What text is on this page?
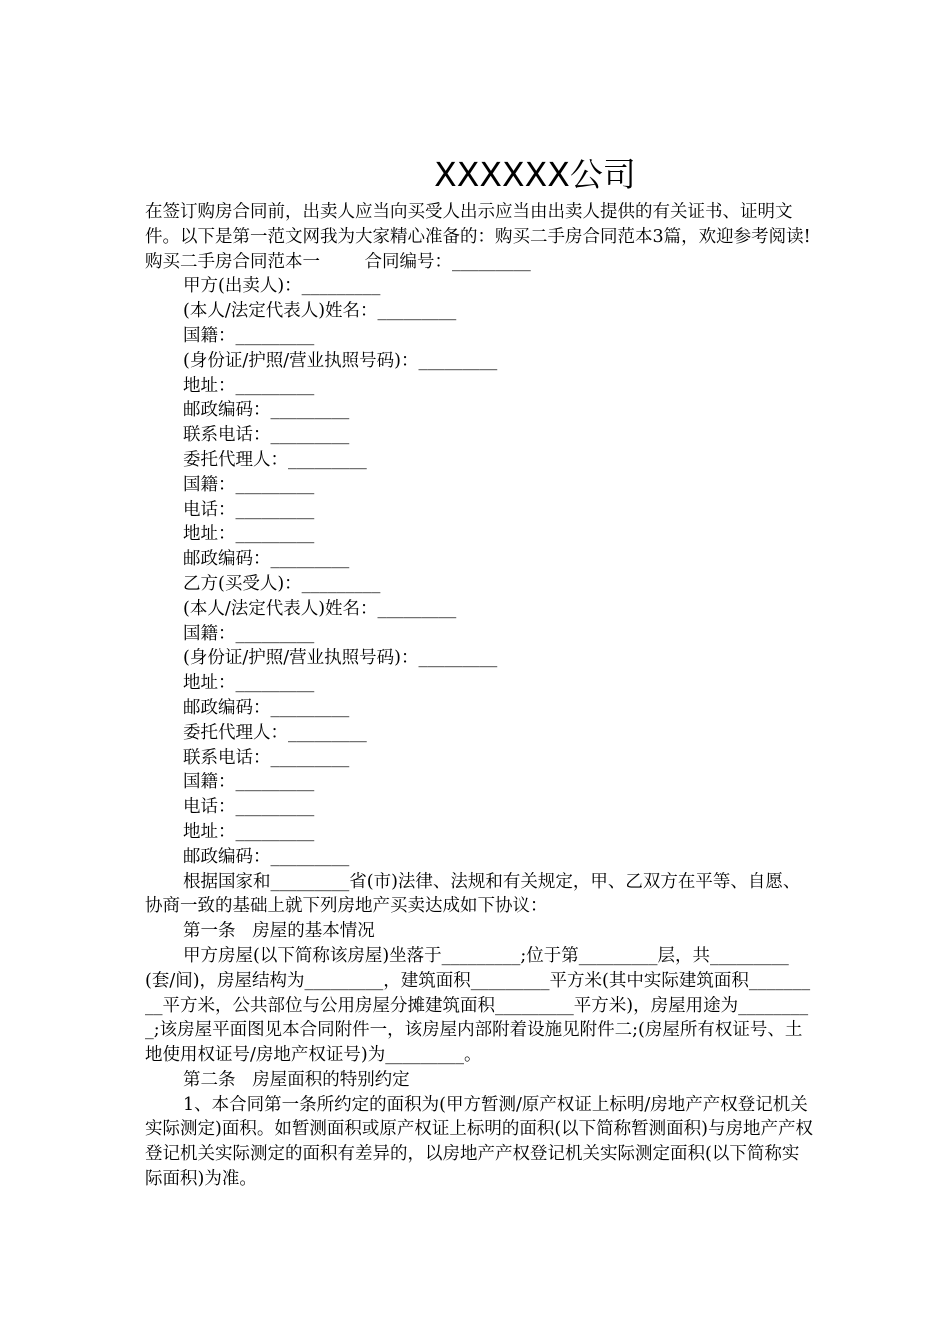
XXXXXX公司

在签订购房合同前，出卖人应当向买受人出示应当由出卖人提供的有关证书、证明文件。以下是第一范文网我为大家精心准备的：购买二手房合同范本3篇，欢迎参考阅读!

购买二手房合同范本一        合同编号：_________

甲方(出卖人)：_________

(本人/法定代表人)姓名：_________

国籍：_________

(身份证/护照/营业执照号码)：_________

地址：_________

邮政编码：_________

联系电话：_________

委托代理人：_________

国籍：_________

电话：_________

地址：_________

邮政编码：_________

乙方(买受人)：_________

(本人/法定代表人)姓名：_________

国籍：_________

(身份证/护照/营业执照号码)：_________

地址：_________

邮政编码：_________

委托代理人：_________

联系电话：_________

国籍：_________

电话：_________

地址：_________

邮政编码：_________

根据国家和_________省(市)法律、法规和有关规定，甲、乙双方在平等、自愿、协商一致的基础上就下列房地产买卖达成如下协议：

第一条   房屋的基本情况

甲方房屋(以下简称该房屋)坐落于_________;位于第_________层，共_________(套/间)，房屋结构为_________，建筑面积_________平方米(其中实际建筑面积_________平方米，公共部位与公用房屋分摊建筑面积_________平方米)，房屋用途为_________;该房屋平面图见本合同附件一，该房屋内部附着设施见附件二;(房屋所有权证号、土地使用权证号/房地产权证号)为_________。

第二条   房屋面积的特别约定

1、本合同第一条所约定的面积为(甲方暂测/原产权证上标明/房地产产权登记机关实际测定)面积。如暂测面积或原产权证上标明的面积(以下简称暂测面积)与房地产产权登记机关实际测定的面积有差异的，以房地产产权登记机关实际测定面积(以下简称实际面积)为准。
